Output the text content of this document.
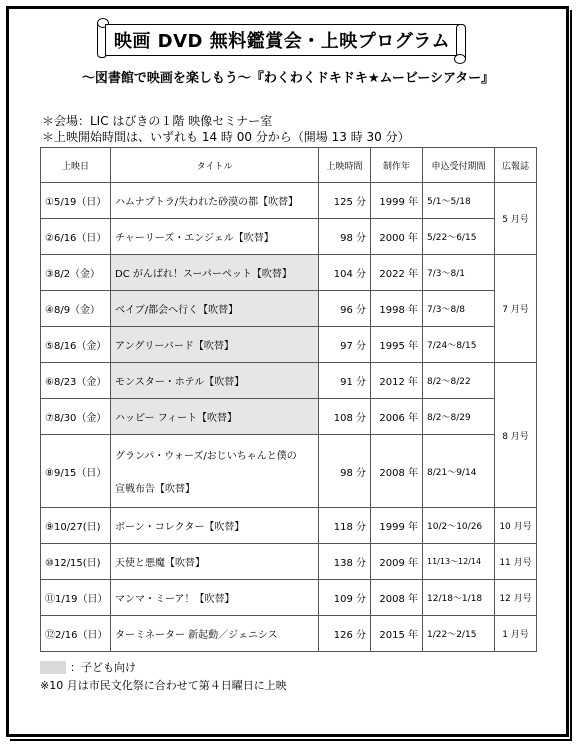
映画 DVD 無料鑑賞会・上映プログラム
～図書館で映画を楽しもう～『わくわくドキドキ★ムービーシアター』
＊会場：LIC はびきの１階 映像セミナー室
＊上映開始時間は、いずれも 14 時 00 分から（開場 13 時 30 分）
上映日	タイトル	上映時間	制作年	申込受付期間	広報誌
①5/19（日）	ハムナプトラ/失われた砂漠の都【吹替】	125 分	1999 年	5/1～5/18	5 月号
②6/16（日）	チャーリーズ・エンジェル【吹替】	98 分	2000 年	5/22～6/15	
③8/2（金）	DC がんばれ！スーパーペット【吹替】	104 分	2022 年	7/3～8/1	7 月号
④8/9（金）	ベイブ/都会へ行く【吹替】	96 分	1998 年	7/3～8/8	
⑤8/16（金）	アングリーバード【吹替】	97 分	1995 年	7/24～8/15	
⑥8/23（金）	モンスター・ホテル【吹替】	91 分	2012 年	8/2～8/22	8 月号
⑦8/30（金）	ハッピー フィート【吹替】	108 分	2006 年	8/2～8/29	
⑧9/15（日）	グランパ・ウォーズ/おじいちゃんと僕の
宣戦布告【吹替】	98 分	2008 年	8/21～9/14	
⑨10/27(日)	ボーン・コレクター【吹替】	118 分	1999 年	10/2～10/26	10 月号
⑩12/15(日)	天使と悪魔【吹替】	138 分	2009 年	11/13～12/14	11 月号
⑪1/19（日）	マンマ・ミーア！【吹替】	109 分	2008 年	12/18～1/18	12 月号
⑫2/16（日）	ターミネーター 新起動／ジェニシス	126 分	2015 年	1/22～2/15	1 月号
：子ども向け
※10 月は市民文化祭に合わせて第４日曜日に上映
